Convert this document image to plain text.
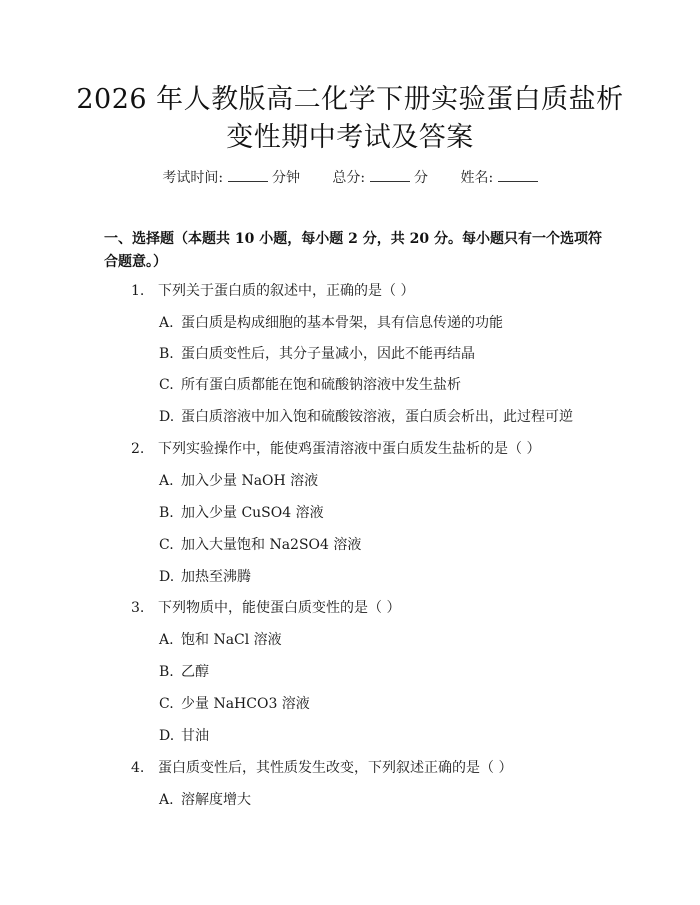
2026 年人教版高二化学下册实验蛋白质盐析
变性期中考试及答案
考试时间:	分钟 总分:	分 姓名:
一、选择题（本题共 10 小题，每小题 2 分，共 20 分。每小题只有一个选项符合题意。）
1. 下列关于蛋白质的叙述中，正确的是（ ）
A. 蛋白质是构成细胞的基本骨架，具有信息传递的功能
B. 蛋白质变性后，其分子量减小，因此不能再结晶
C. 所有蛋白质都能在饱和硫酸钠溶液中发生盐析
D. 蛋白质溶液中加入饱和硫酸铵溶液，蛋白质会析出，此过程可逆
2. 下列实验操作中，能使鸡蛋清溶液中蛋白质发生盐析的是（ ）
A. 加入少量 NaOH 溶液
B. 加入少量 CuSO4 溶液
C. 加入大量饱和 Na2SO4 溶液
D. 加热至沸腾
3. 下列物质中，能使蛋白质变性的是（ ）
A. 饱和 NaCl 溶液
B. 乙醇
C. 少量 NaHCO3 溶液
D. 甘油
4. 蛋白质变性后，其性质发生改变，下列叙述正确的是（ ）
A. 溶解度增大
